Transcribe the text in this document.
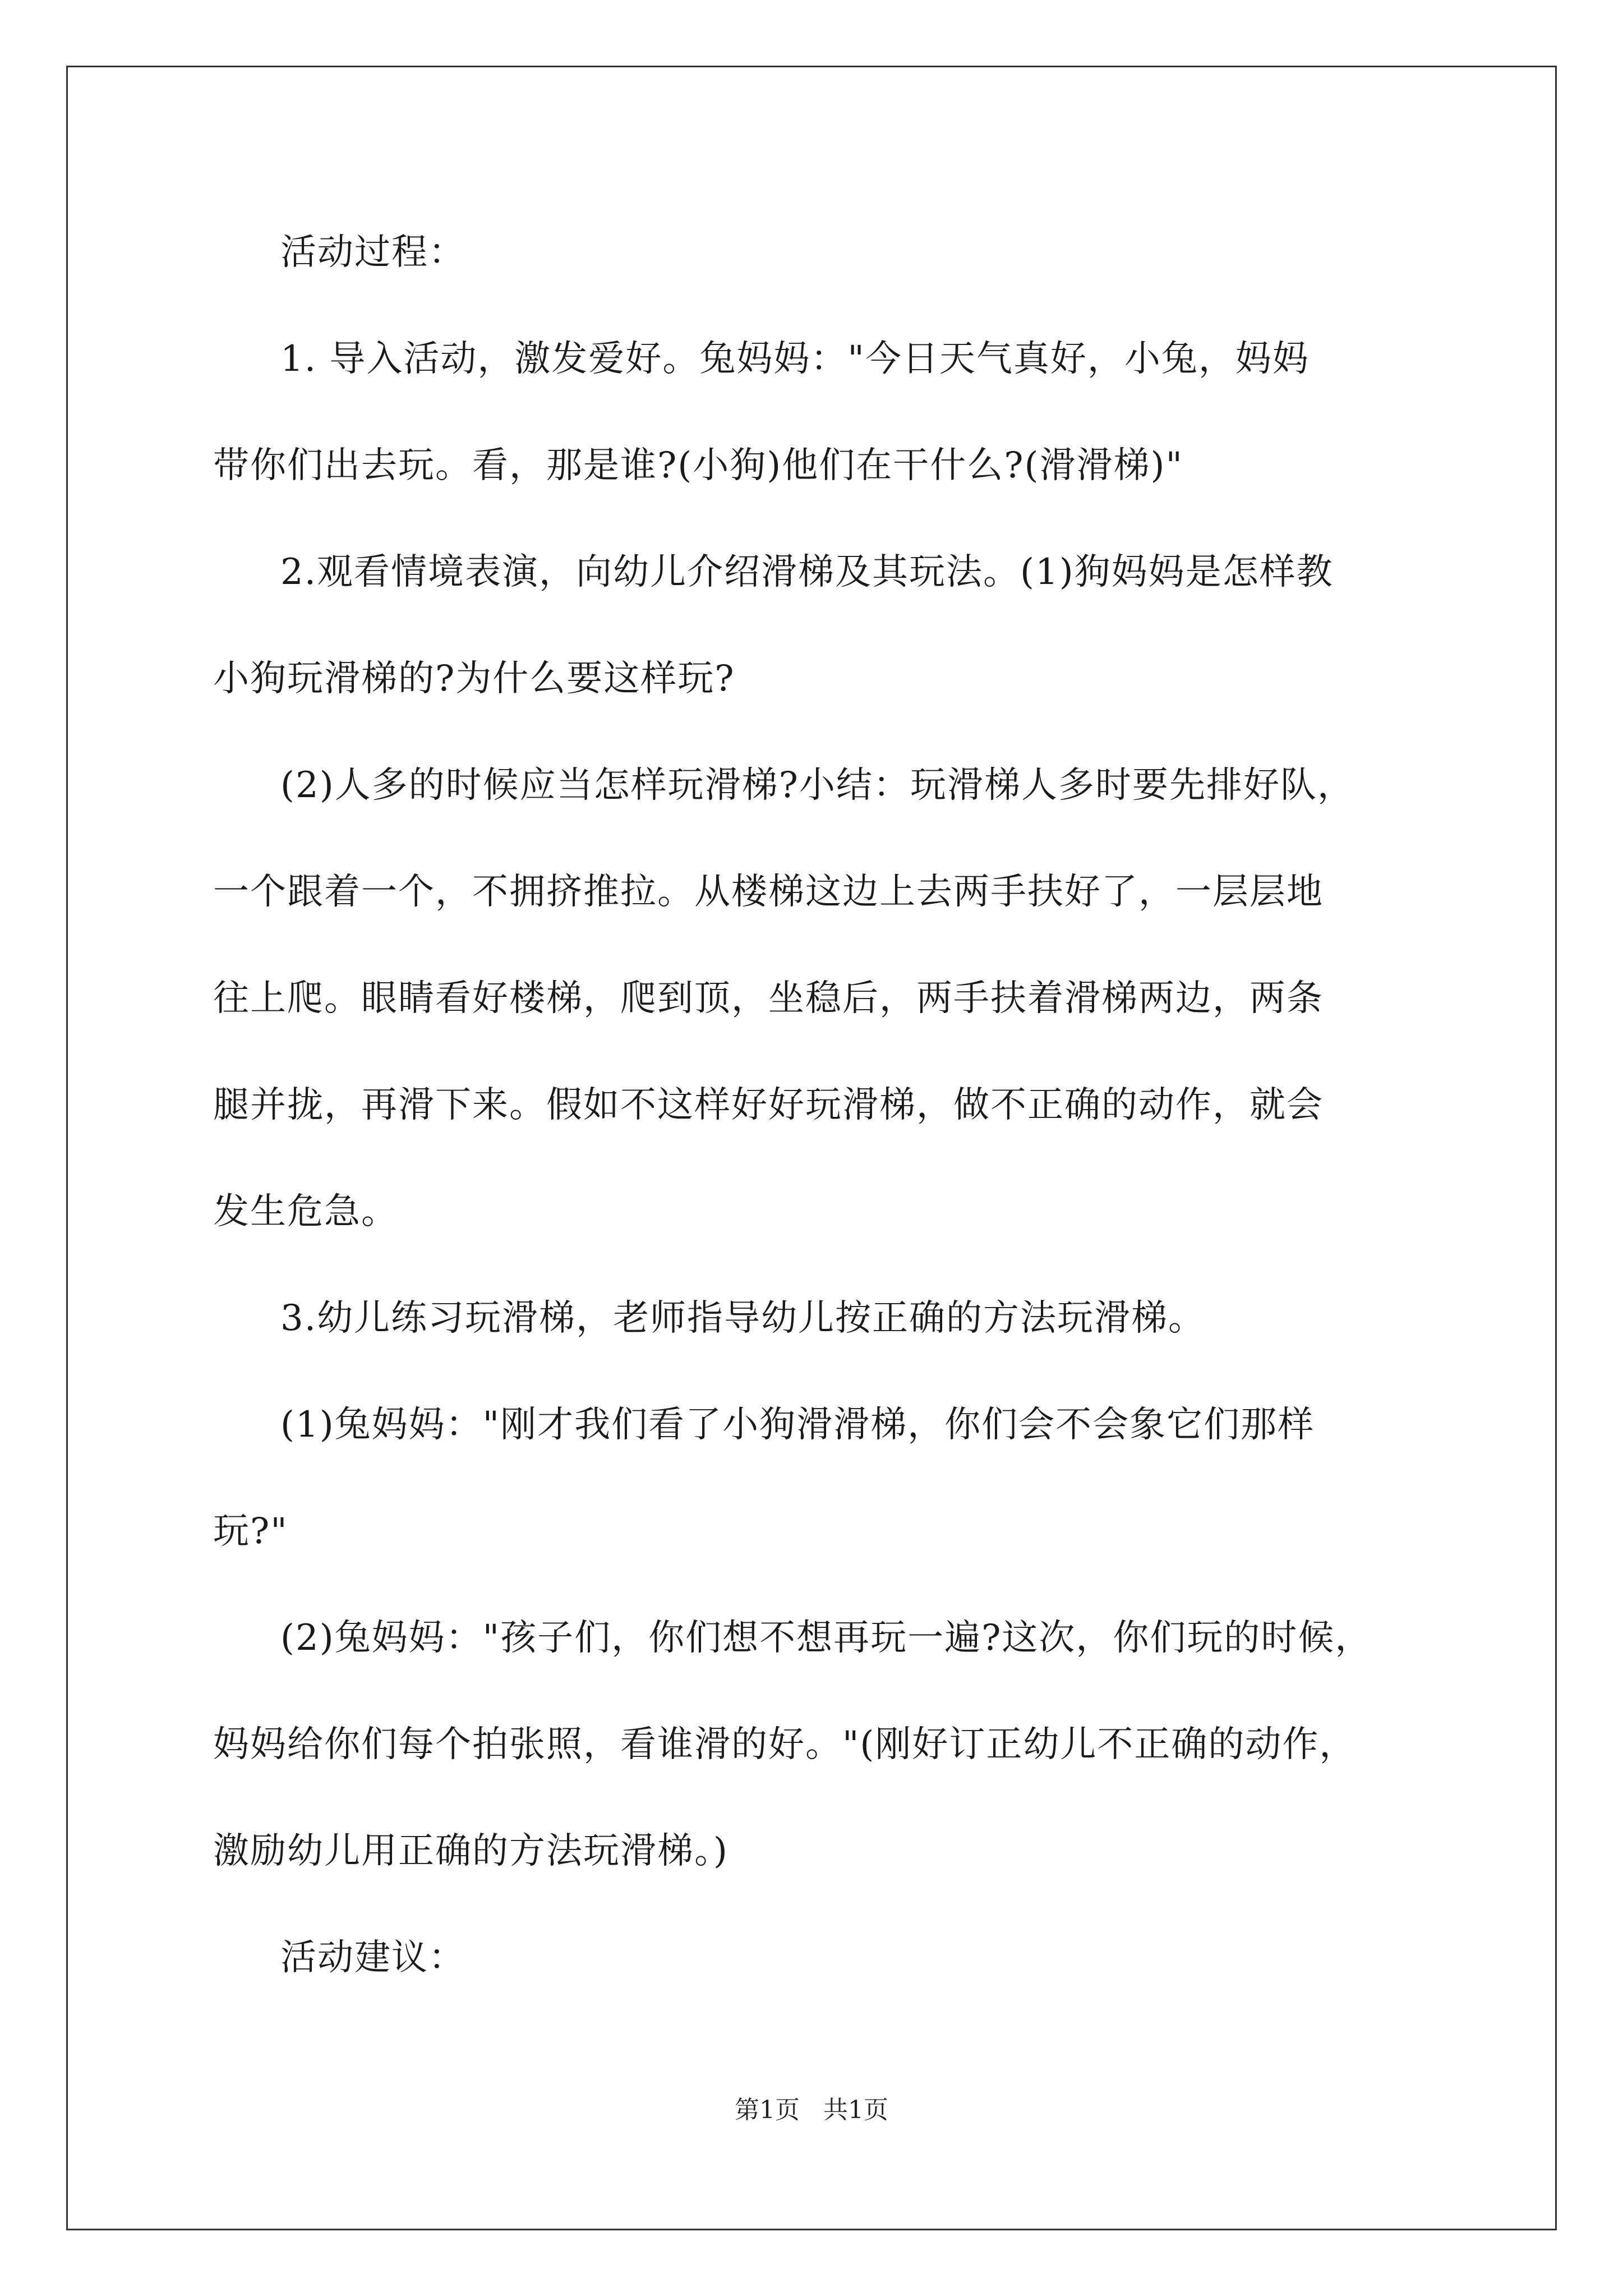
活动过程：
1. 导入活动，激发爱好。兔妈妈："今日天气真好，小兔，妈妈
带你们出去玩。看，那是谁?(小狗)他们在干什么?(滑滑梯)"
2.观看情境表演，向幼儿介绍滑梯及其玩法。(1)狗妈妈是怎样教
小狗玩滑梯的?为什么要这样玩?
(2)人多的时候应当怎样玩滑梯?小结：玩滑梯人多时要先排好队，
一个跟着一个，不拥挤推拉。从楼梯这边上去两手扶好了，一层层地
往上爬。眼睛看好楼梯，爬到顶，坐稳后，两手扶着滑梯两边，两条
腿并拢，再滑下来。假如不这样好好玩滑梯，做不正确的动作，就会
发生危急。
3.幼儿练习玩滑梯，老师指导幼儿按正确的方法玩滑梯。
(1)兔妈妈："刚才我们看了小狗滑滑梯，你们会不会象它们那样
玩?"
(2)兔妈妈："孩子们，你们想不想再玩一遍?这次，你们玩的时候，
妈妈给你们每个拍张照，看谁滑的好。"(刚好订正幼儿不正确的动作，
激励幼儿用正确的方法玩滑梯。)
活动建议：
第1页 共1页
